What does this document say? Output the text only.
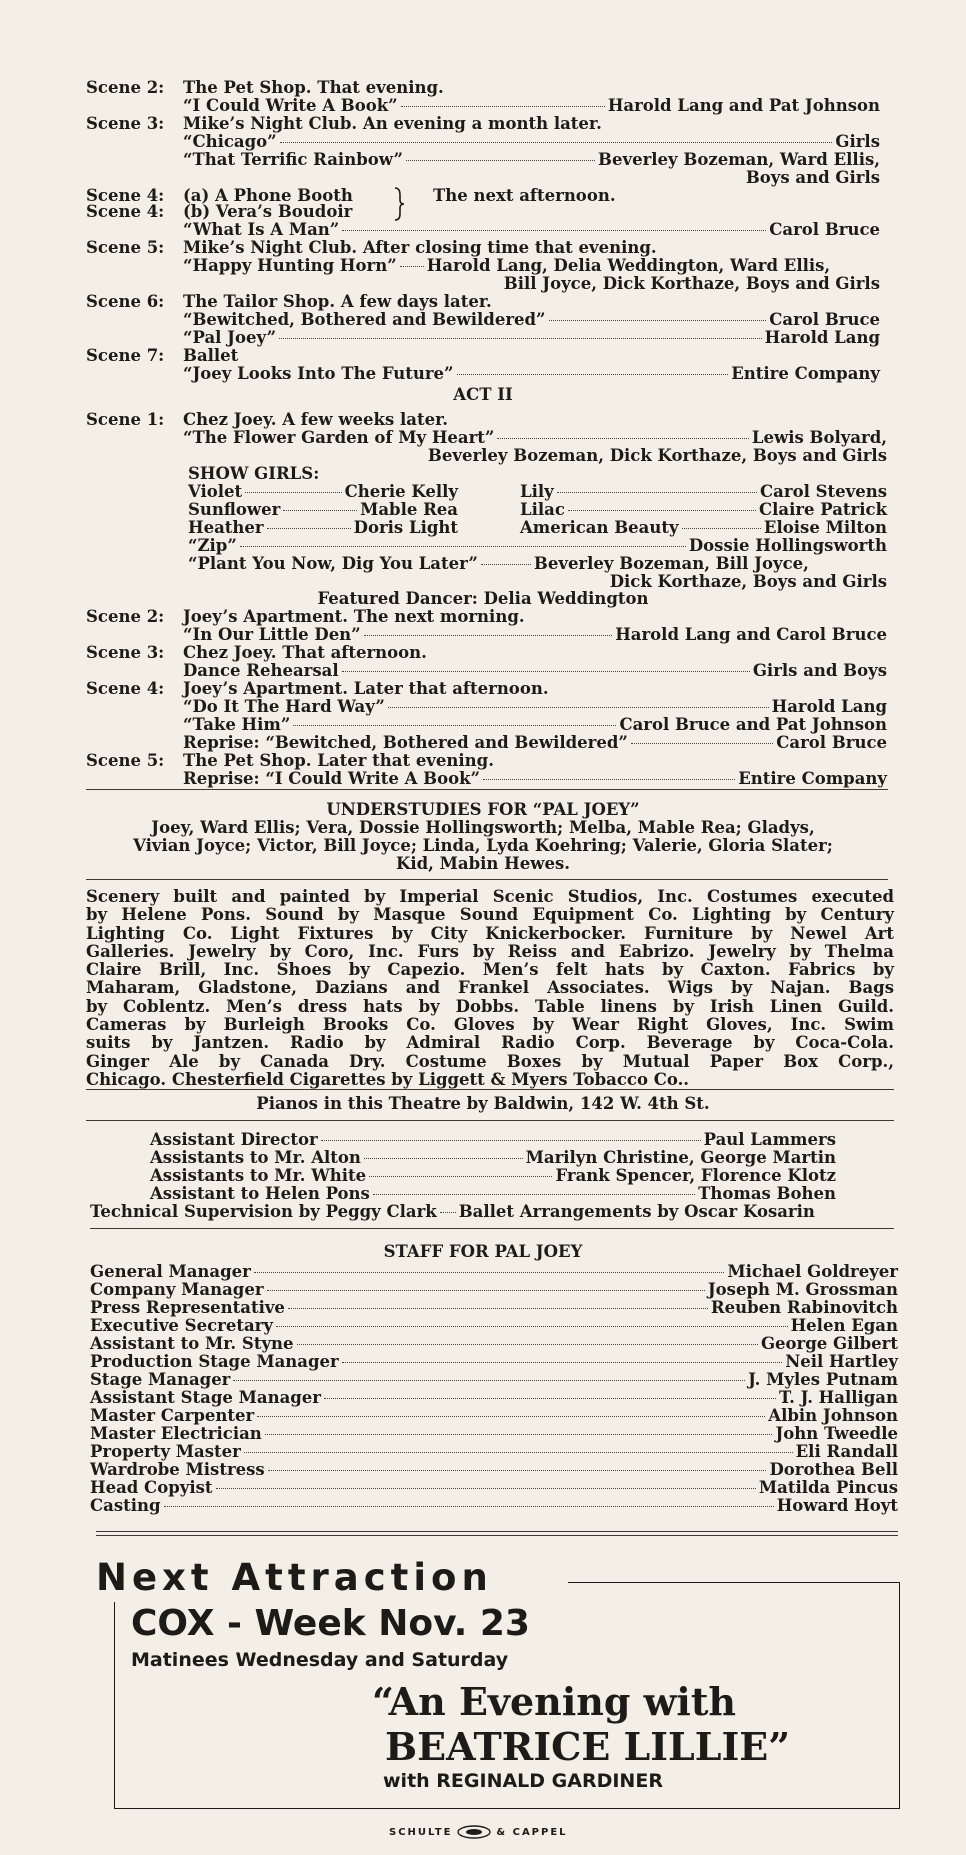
Scene 2: The Pet Shop. That evening.
“I Could Write A Book”	Harold Lang and Pat Johnson
Scene 3: Mike’s Night Club. An evening a month later.
“Chicago”	Girls
“That Terrific Rainbow”	Beverley Bozeman, Ward Ellis,
Boys and Girls
Scene 4: (a) A Phone Booth
Scene 4: (b) Vera’s Boudoir
The next afternoon.
“What Is A Man”	Carol Bruce
Scene 5: Mike’s Night Club. After closing time that evening.
“Happy Hunting Horn” Harold Lang, Delia Weddington, Ward Ellis,
Bill Joyce, Dick Korthaze, Boys and Girls
Scene 6: The Tailor Shop. A few days later.
“Bewitched, Bothered and Bewildered”	Carol Bruce
“Pal Joey”	Harold Lang
Scene 7: Ballet
“Joey Looks Into The Future”	Entire Company
ACT II
Scene 1: Chez Joey. A few weeks later.
“The Flower Garden of My Heart”	Lewis Bolyard,
Beverley Bozeman, Dick Korthaze, Boys and Girls
SHOW GIRLS:
Violet	Cherie Kelly	Lily	Carol Stevens
Sunflower	Mable Rea	Lilac	Claire Patrick
Heather	Doris Light	American Beauty	Eloise Milton
“Zip”	Dossie Hollingsworth
“Plant You Now, Dig You Later”	Beverley Bozeman, Bill Joyce,
Dick Korthaze, Boys and Girls
Featured Dancer: Delia Weddington
Scene 2: Joey’s Apartment. The next morning.
“In Our Little Den”	Harold Lang and Carol Bruce
Scene 3: Chez Joey. That afternoon.
Dance Rehearsal	Girls and Boys
Scene 4: Joey’s Apartment. Later that afternoon.
“Do It The Hard Way”	Harold Lang
“Take Him”	Carol Bruce and Pat Johnson
Reprise: “Bewitched, Bothered and Bewildered”	Carol Bruce
Scene 5: The Pet Shop. Later that evening.
Reprise: “I Could Write A Book”	Entire Company
UNDERSTUDIES FOR “PAL JOEY”
Joey, Ward Ellis; Vera, Dossie Hollingsworth; Melba, Mable Rea; Gladys,
Vivian Joyce; Victor, Bill Joyce; Linda, Lyda Koehring; Valerie, Gloria Slater;
Kid, Mabin Hewes.
Scenery built and painted by Imperial Scenic Studios, Inc. Costumes executed
by Helene Pons. Sound by Masque Sound Equipment Co. Lighting by Century
Lighting Co. Light Fixtures by City Knickerbocker. Furniture by Newel Art
Galleries. Jewelry by Coro, Inc. Furs by Reiss and Eabrizo. Jewelry by Thelma
Claire Brill, Inc. Shoes by Capezio. Men’s felt hats by Caxton. Fabrics by
Maharam, Gladstone, Dazians and Frankel Associates. Wigs by Najan. Bags
by Coblentz. Men’s dress hats by Dobbs. Table linens by Irish Linen Guild.
Cameras by Burleigh Brooks Co. Gloves by Wear Right Gloves, Inc. Swim
suits by Jantzen. Radio by Admiral Radio Corp. Beverage by Coca-Cola.
Ginger Ale by Canada Dry. Costume Boxes by Mutual Paper Box Corp.,
Chicago. Chesterfield Cigarettes by Liggett & Myers Tobacco Co..
Pianos in this Theatre by Baldwin, 142 W. 4th St.
Assistant Director	Paul Lammers
Assistants to Mr. Alton	Marilyn Christine, George Martin
Assistants to Mr. White	Frank Spencer, Florence Klotz
Assistant to Helen Pons	Thomas Bohen
Technical Supervision by Peggy Clark Ballet Arrangements by Oscar Kosarin
STAFF FOR PAL JOEY
General Manager	Michael Goldreyer
Company Manager	Joseph M. Grossman
Press Representative	Reuben Rabinovitch
Executive Secretary	Helen Egan
Assistant to Mr. Styne	George Gilbert
Production Stage Manager	Neil Hartley
Stage Manager	J. Myles Putnam
Assistant Stage Manager	T. J. Halligan
Master Carpenter	Albin Johnson
Master Electrician	John Tweedle
Property Master	Eli Randall
Wardrobe Mistress	Dorothea Bell
Head Copyist	Matilda Pincus
Casting	Howard Hoyt
Next Attraction
COX - Week Nov. 23
Matinees Wednesday and Saturday
“An Evening with
BEATRICE LILLIE”
with REGINALD GARDINER
SCHULTE	& CAPPEL
